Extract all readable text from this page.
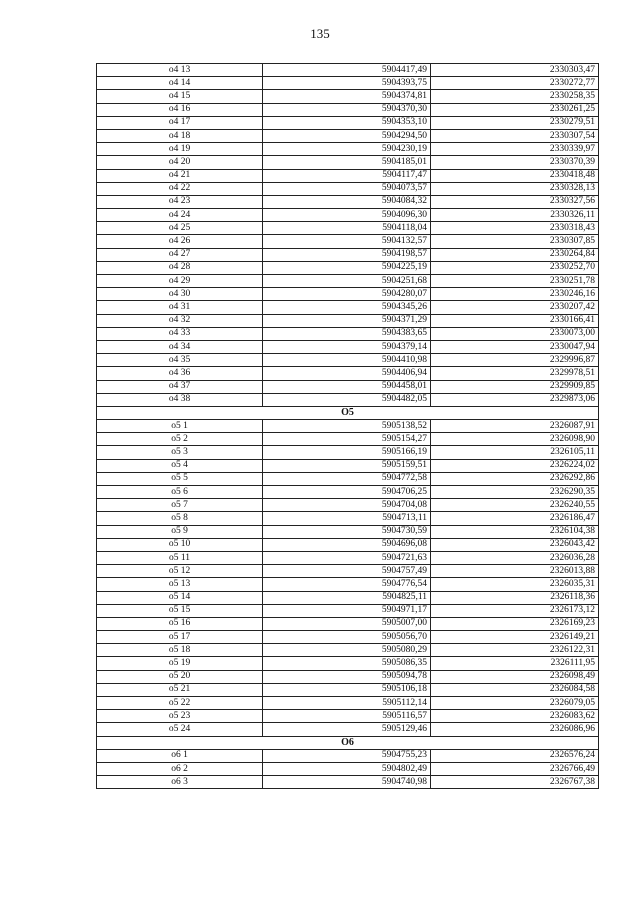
135
о4 13	5904417,49	2330303,47
о4 14	5904393,75	2330272,77
о4 15	5904374,81	2330258,35
о4 16	5904370,30	2330261,25
о4 17	5904353,10	2330279,51
о4 18	5904294,50	2330307,54
о4 19	5904230,19	2330339,97
о4 20	5904185,01	2330370,39
о4 21	5904117,47	2330418,48
о4 22	5904073,57	2330328,13
о4 23	5904084,32	2330327,56
о4 24	5904096,30	2330326,11
о4 25	5904118,04	2330318,43
о4 26	5904132,57	2330307,85
о4 27	5904198,57	2330264,84
о4 28	5904225,19	2330252,70
о4 29	5904251,68	2330251,78
о4 30	5904280,07	2330246,16
о4 31	5904345,26	2330207,42
о4 32	5904371,29	2330166,41
о4 33	5904383,65	2330073,00
о4 34	5904379,14	2330047,94
о4 35	5904410,98	2329996,87
о4 36	5904406,94	2329978,51
о4 37	5904458,01	2329909,85
о4 38	5904482,05	2329873,06
О5		
о5 1	5905138,52	2326087,91
о5 2	5905154,27	2326098,90
о5 3	5905166,19	2326105,11
о5 4	5905159,51	2326224,02
о5 5	5904772,58	2326292,86
о5 6	5904706,25	2326290,35
о5 7	5904704,08	2326240,55
о5 8	5904713,11	2326186,47
о5 9	5904730,59	2326104,38
о5 10	5904696,08	2326043,42
о5 11	5904721,63	2326036,28
о5 12	5904757,49	2326013,88
о5 13	5904776,54	2326035,31
о5 14	5904825,11	2326118,36
о5 15	5904971,17	2326173,12
о5 16	5905007,00	2326169,23
о5 17	5905056,70	2326149,21
о5 18	5905080,29	2326122,31
о5 19	5905086,35	2326111,95
о5 20	5905094,78	2326098,49
о5 21	5905106,18	2326084,58
о5 22	5905112,14	2326079,05
о5 23	5905116,57	2326083,62
о5 24	5905129,46	2326086,96
О6		
о6 1	5904755,23	2326576,24
о6 2	5904802,49	2326766,49
о6 3	5904740,98	2326767,38
